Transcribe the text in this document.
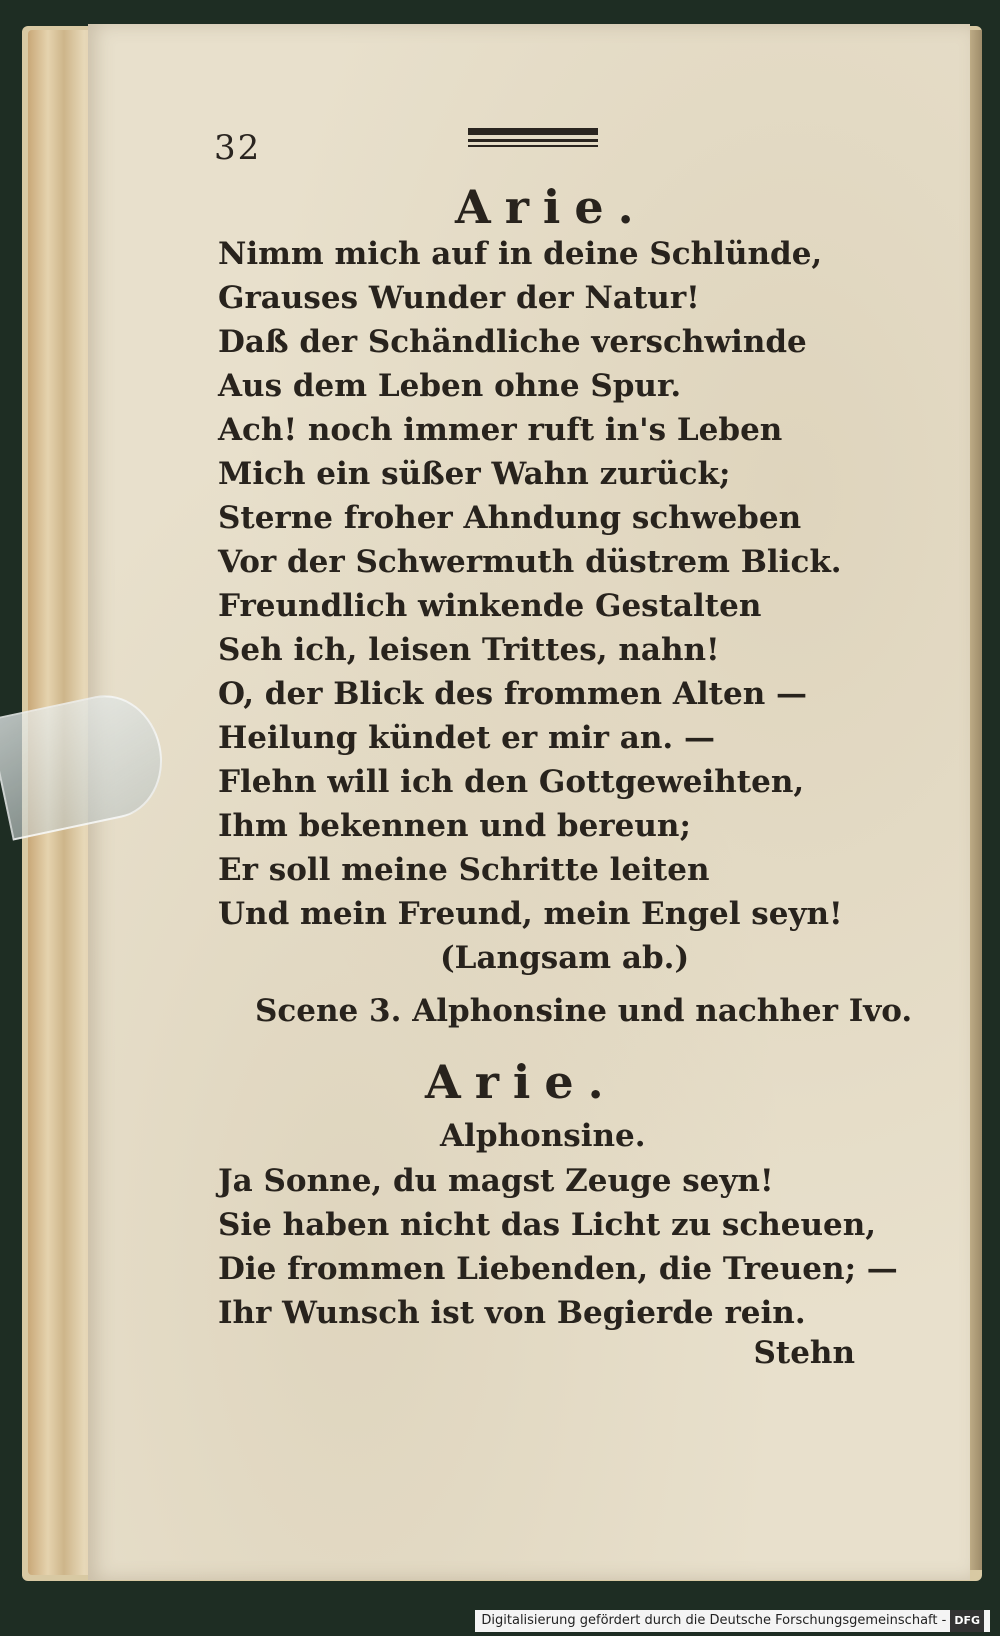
32
Arie.
Nimm mich auf in deine Schlünde,
Grauses Wunder der Natur!
Daß der Schändliche verschwinde
Aus dem Leben ohne Spur.
Ach! noch immer ruft in's Leben
Mich ein süßer Wahn zurück;
Sterne froher Ahndung schweben
Vor der Schwermuth düstrem Blick.
Freundlich winkende Gestalten
Seh ich, leisen Trittes, nahn!
O, der Blick des frommen Alten —
Heilung kündet er mir an. —
Flehn will ich den Gottgeweihten,
Ihm bekennen und bereun;
Er soll meine Schritte leiten
Und mein Freund, mein Engel seyn!
(Langsam ab.)
Scene 3. Alphonsine und nachher Ivo.
Arie.
Alphonsine.
Ja Sonne, du magst Zeuge seyn!
Sie haben nicht das Licht zu scheuen,
Die frommen Liebenden, die Treuen; —
Ihr Wunsch ist von Begierde rein.
Stehn
Digitalisierung gefördert durch die Deutsche Forschungsgemeinschaft - DFG
